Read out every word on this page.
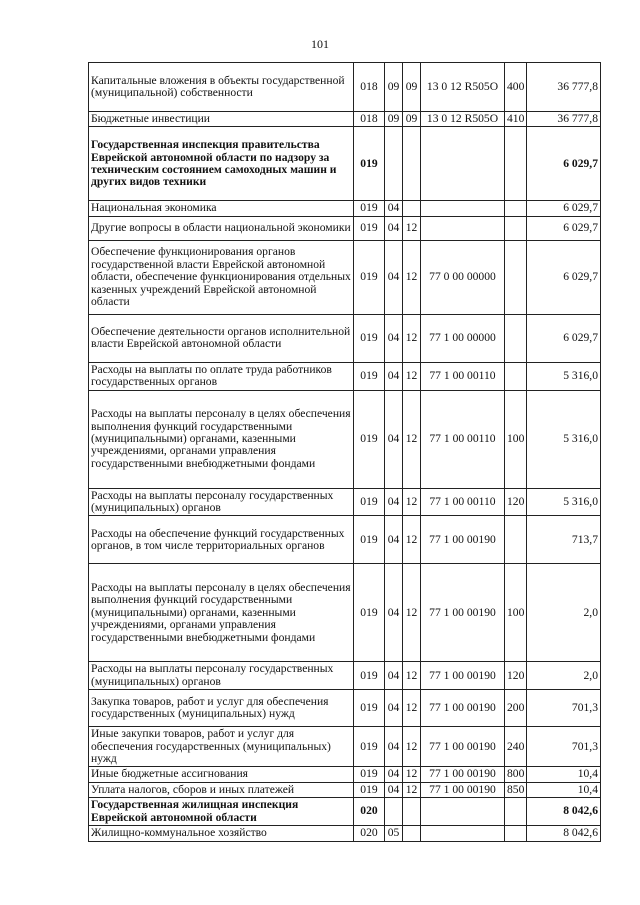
101
Капитальные вложения в объекты государственной (муниципальной) собственности	018	09	09	13 0 12 R505O	400	36 777,8
Бюджетные инвестиции	018	09	09	13 0 12 R505O	410	36 777,8
Государственная инспекция правительства Еврейской автономной области по надзору за техническим состоянием самоходных машин и других видов техники	019					6 029,7
Национальная экономика	019	04				6 029,7
Другие вопросы в области национальной экономики	019	04	12			6 029,7
Обеспечение функционирования органов государственной власти Еврейской автономной области, обеспечение функционирования отдельных казенных учреждений Еврейской автономной области	019	04	12	77 0 00 00000		6 029,7
Обеспечение деятельности органов исполнительной власти Еврейской автономной области	019	04	12	77 1 00 00000		6 029,7
Расходы на выплаты по оплате труда работников государственных органов	019	04	12	77 1 00 00110		5 316,0
Расходы на выплаты персоналу в целях обеспечения выполнения функций государственными (муниципальными) органами, казенными учреждениями, органами управления государственными внебюджетными фондами	019	04	12	77 1 00 00110	100	5 316,0
Расходы на выплаты персоналу государственных (муниципальных) органов	019	04	12	77 1 00 00110	120	5 316,0
Расходы на обеспечение функций государственных органов, в том числе территориальных органов	019	04	12	77 1 00 00190		713,7
Расходы на выплаты персоналу в целях обеспечения выполнения функций государственными (муниципальными) органами, казенными учреждениями, органами управления государственными внебюджетными фондами	019	04	12	77 1 00 00190	100	2,0
Расходы на выплаты персоналу государственных (муниципальных) органов	019	04	12	77 1 00 00190	120	2,0
Закупка товаров, работ и услуг для обеспечения государственных (муниципальных) нужд	019	04	12	77 1 00 00190	200	701,3
Иные закупки товаров, работ и услуг для обеспечения государственных (муниципальных) нужд	019	04	12	77 1 00 00190	240	701,3
Иные бюджетные ассигнования	019	04	12	77 1 00 00190	800	10,4
Уплата налогов, сборов и иных платежей	019	04	12	77 1 00 00190	850	10,4
Государственная жилищная инспекция Еврейской автономной области	020					8 042,6
Жилищно-коммунальное хозяйство	020	05				8 042,6
